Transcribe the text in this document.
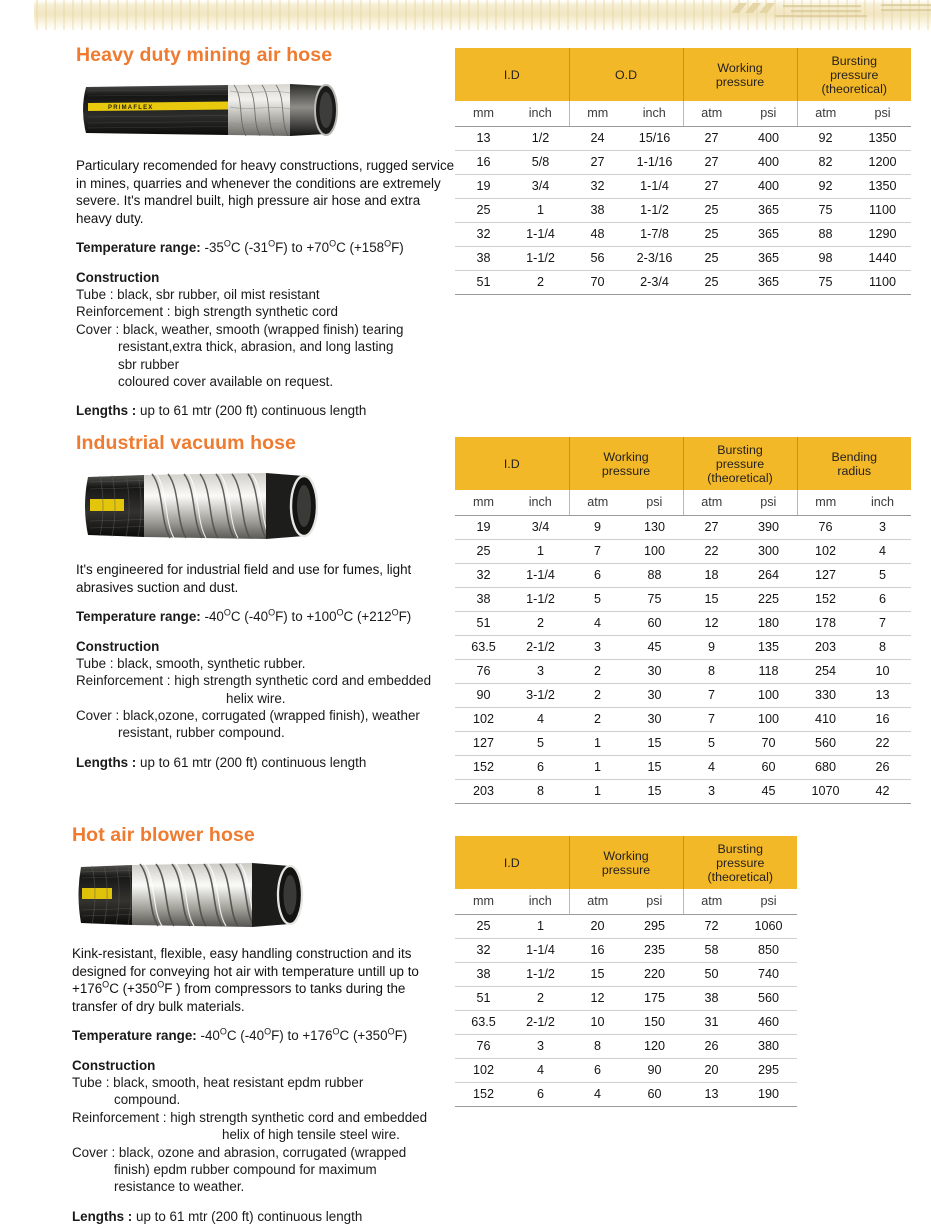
Heavy duty mining air hose
PRIMAFLEX

Particulary recomended for heavy constructions, rugged service in mines, quarries and whenever the conditions are extremely severe. It's mandrel built, high pressure air hose and extra heavy duty.

Temperature range: $-35^OC$ $(-31^OF)$ to $+70^OC$ $(+158^OF)$

Construction

Tube : black, sbr rubber, oil mist resistant

Reinforcement : bigh strength synthetic cord

Cover : black, weather, smooth (wrapped finish) tearing

resistant,extra thick, abrasion, and long lasting

sbr rubber

coloured cover available on request.

Lengths : up to 61 mtr (200 ft) continuous length

I.D		O.D		Working
pressure		Bursting
pressure
(theoretical)	
mm	inch	mm	inch	atm	psi	atm	psi
13	1/2	24	15/16	27	400	92	1350
16	5/8	27	1-1/16	27	400	82	1200
19	3/4	32	1-1/4	27	400	92	1350
25	1	38	1-1/2	25	365	75	1100
32	1-1/4	48	1-7/8	25	365	88	1290
38	1-1/2	56	2-3/16	25	365	98	1440
51	2	70	2-3/4	25	365	75	1100
Industrial vacuum hose

It's engineered for industrial field and use for fumes, light abrasives suction and dust.

Temperature range: $-40^OC$ $(-40^OF)$ to $+100^OC$ $(+212^OF)$

Construction

Tube : black, smooth, synthetic rubber.

Reinforcement : high strength synthetic cord and embedded

helix wire.

Cover : black,ozone, corrugated (wrapped finish), weather

resistant, rubber compound.

Lengths : up to 61 mtr (200 ft) continuous length

I.D		Working
pressure		Bursting
pressure
(theoretical)		Bending
radius	
mm	inch	atm	psi	atm	psi	mm	inch
19	3/4	9	130	27	390	76	3
25	1	7	100	22	300	102	4
32	1-1/4	6	88	18	264	127	5
38	1-1/2	5	75	15	225	152	6
51	2	4	60	12	180	178	7
63.5	2-1/2	3	45	9	135	203	8
76	3	2	30	8	118	254	10
90	3-1/2	2	30	7	100	330	13
102	4	2	30	7	100	410	16
127	5	1	15	5	70	560	22
152	6	1	15	4	60	680	26
203	8	1	15	3	45	1070	42
Hot air blower hose

Kink-resistant, flexible, easy handling construction and its designed for conveying hot air with temperature untill up to $+176^OC$ ($+350^OF$ ) from compressors to tanks during the transfer of dry bulk materials.

Temperature range: $-40^OC$ $(-40^OF)$ to $+176^OC$ $(+350^OF)$

Construction

Tube : black, smooth, heat resistant epdm rubber

compound.

Reinforcement : high strength synthetic cord and embedded

helix of high tensile steel wire.

Cover : black, ozone and abrasion, corrugated (wrapped

finish) epdm rubber compound for maximum

resistance to weather.

Lengths : up to 61 mtr (200 ft) continuous length

I.D		Working
pressure		Bursting
pressure
(theoretical)	
mm	inch	atm	psi	atm	psi
25	1	20	295	72	1060
32	1-1/4	16	235	58	850
38	1-1/2	15	220	50	740
51	2	12	175	38	560
63.5	2-1/2	10	150	31	460
76	3	8	120	26	380
102	4	6	90	20	295
152	6	4	60	13	190
